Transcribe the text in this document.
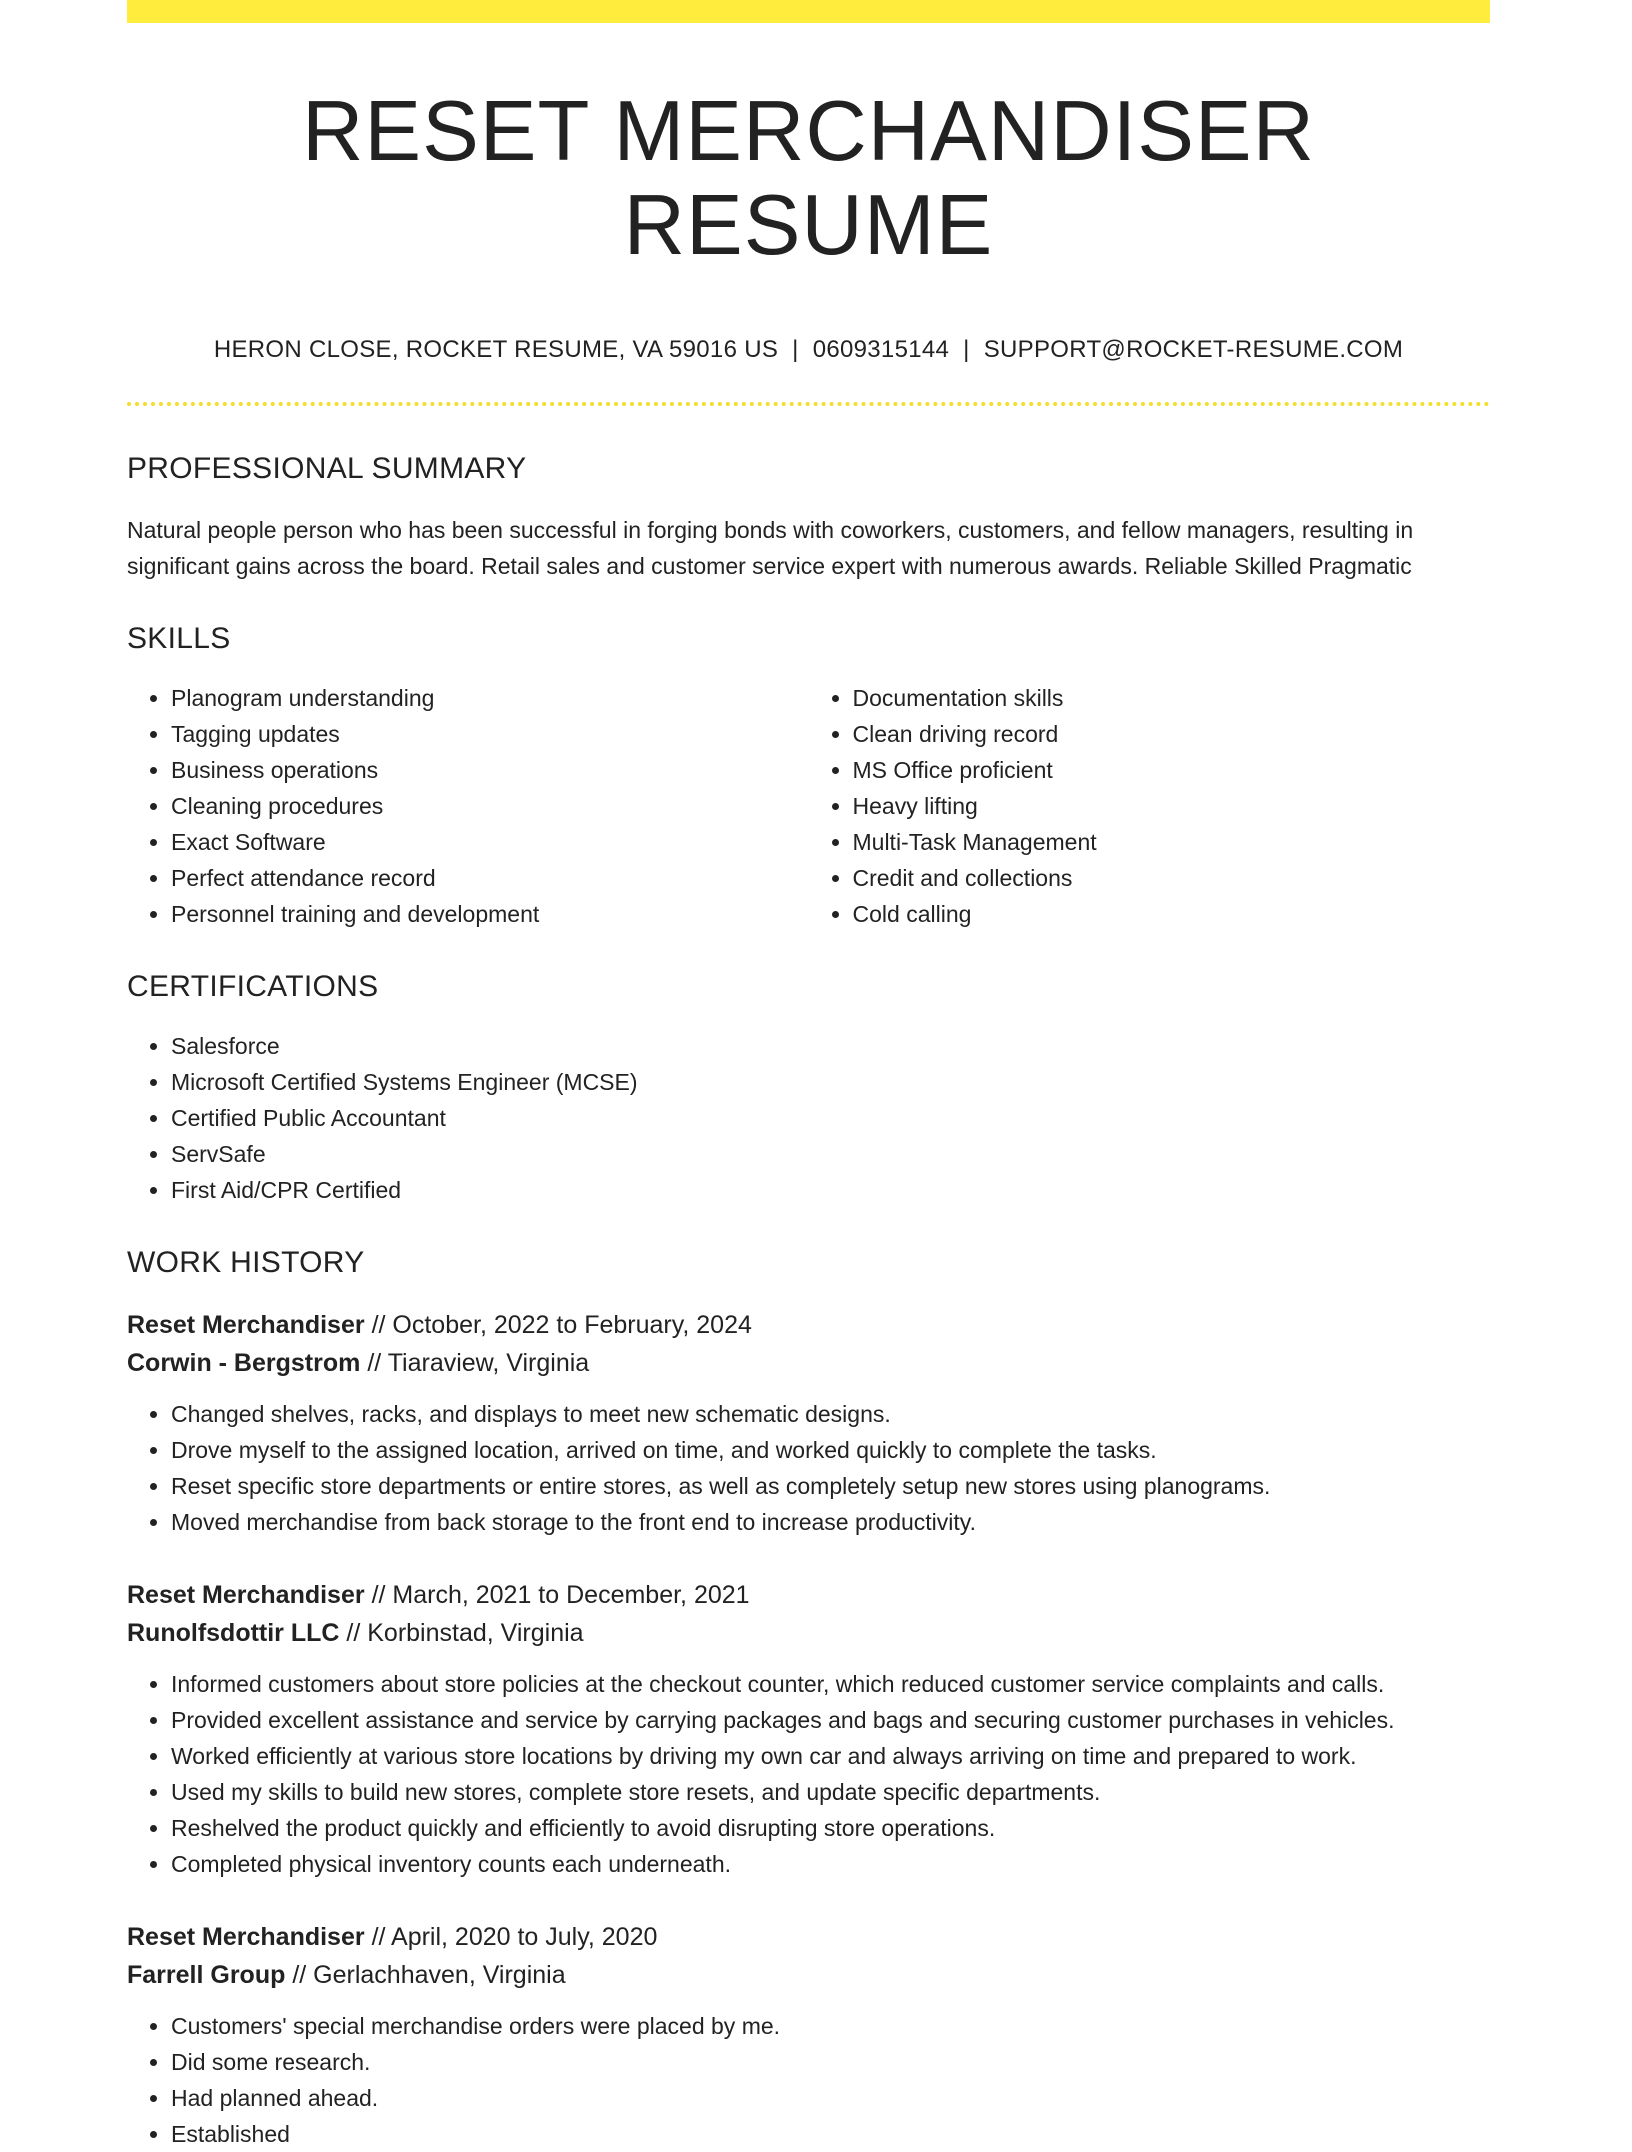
RESET MERCHANDISER RESUME
HERON CLOSE, ROCKET RESUME, VA 59016 US | 0609315144 | SUPPORT@ROCKET-RESUME.COM
PROFESSIONAL SUMMARY

Natural people person who has been successful in forging bonds with coworkers, customers, and fellow managers, resulting in significant gains across the board. Retail sales and customer service expert with numerous awards. Reliable Skilled Pragmatic

SKILLS
• Planogram understanding
• Tagging updates
• Business operations
• Cleaning procedures
• Exact Software
• Perfect attendance record
• Personnel training and development
• Documentation skills
• Clean driving record
• MS Office proficient
• Heavy lifting
• Multi-Task Management
• Credit and collections
• Cold calling
CERTIFICATIONS
• Salesforce
• Microsoft Certified Systems Engineer (MCSE)
• Certified Public Accountant
• ServSafe
• First Aid/CPR Certified
WORK HISTORY
Reset Merchandiser // October, 2022 to February, 2024
Corwin - Bergstrom // Tiaraview, Virginia
• Changed shelves, racks, and displays to meet new schematic designs.
• Drove myself to the assigned location, arrived on time, and worked quickly to complete the tasks.
• Reset specific store departments or entire stores, as well as completely setup new stores using planograms.
• Moved merchandise from back storage to the front end to increase productivity.
Reset Merchandiser // March, 2021 to December, 2021
Runolfsdottir LLC // Korbinstad, Virginia
• Informed customers about store policies at the checkout counter, which reduced customer service complaints and calls.
• Provided excellent assistance and service by carrying packages and bags and securing customer purchases in vehicles.
• Worked efficiently at various store locations by driving my own car and always arriving on time and prepared to work.
• Used my skills to build new stores, complete store resets, and update specific departments.
• Reshelved the product quickly and efficiently to avoid disrupting store operations.
• Completed physical inventory counts each underneath.
Reset Merchandiser // April, 2020 to July, 2020
Farrell Group // Gerlachhaven, Virginia
• Customers' special merchandise orders were placed by me.
• Did some research.
• Had planned ahead.
• Established
